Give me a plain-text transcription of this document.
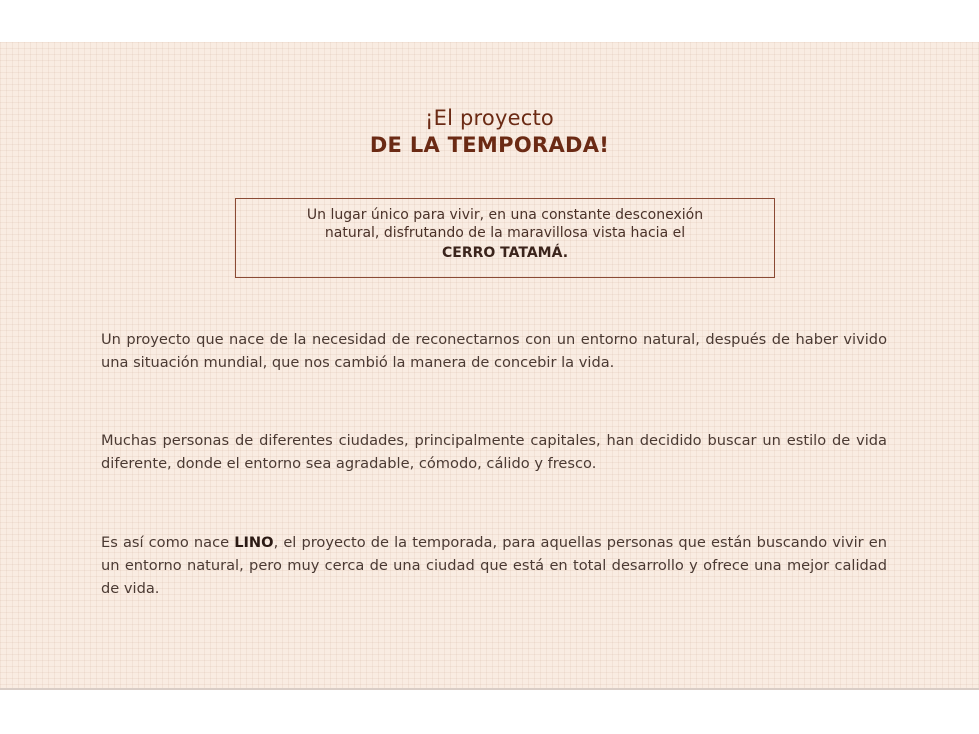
¡El proyecto
DE LA TEMPORADA!
Un lugar único para vivir, en una constante desconexión
natural, disfrutando de la maravillosa vista hacia el
CERRO TATAMÁ.

Un proyecto que nace de la necesidad de reconectarnos con un entorno natural, después de haber vivido una situación mundial, que nos cambió la manera de concebir la vida.

Muchas personas de diferentes ciudades, principalmente capitales, han decidido buscar un estilo de vida diferente, donde el entorno sea agradable, cómodo, cálido y fresco.

Es así como nace LINO, el proyecto de la temporada, para aquellas personas que están buscando vivir en un entorno natural, pero muy cerca de una ciudad que está en total desarrollo y ofrece una mejor calidad de vida.
